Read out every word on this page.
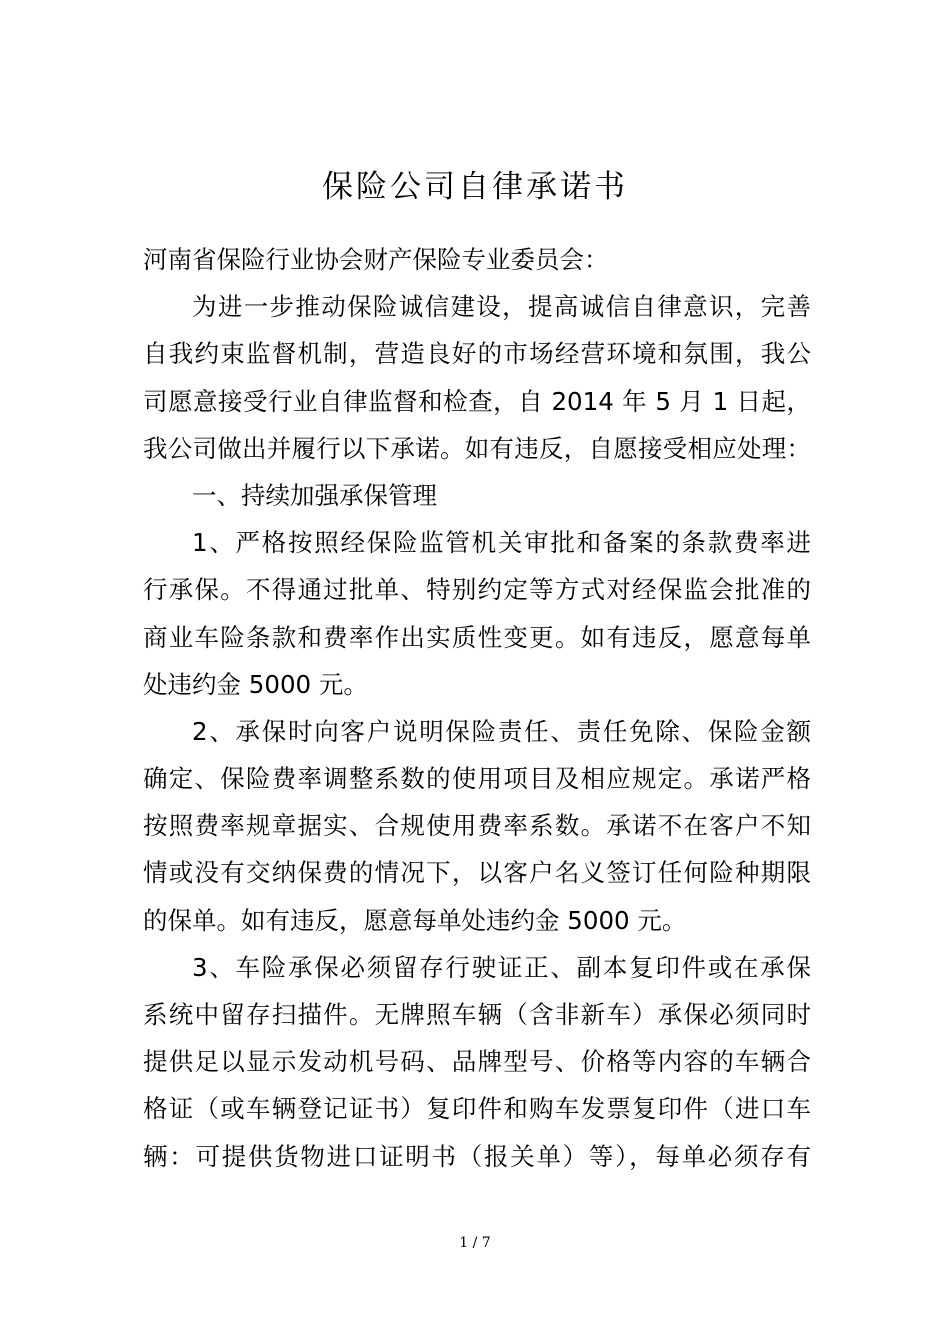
保险公司自律承诺书
河南省保险行业协会财产保险专业委员会：
为进一步推动保险诚信建设，提高诚信自律意识，完善
自我约束监督机制，营造良好的市场经营环境和氛围，我公
司愿意接受行业自律监督和检查，自 2014 年 5 月 1 日起，
我公司做出并履行以下承诺。如有违反，自愿接受相应处理：
一、持续加强承保管理
1、严格按照经保险监管机关审批和备案的条款费率进
行承保。不得通过批单、特别约定等方式对经保监会批准的
商业车险条款和费率作出实质性变更。如有违反，愿意每单
处违约金 5000 元。
2、承保时向客户说明保险责任、责任免除、保险金额
确定、保险费率调整系数的使用项目及相应规定。承诺严格
按照费率规章据实、合规使用费率系数。承诺不在客户不知
情或没有交纳保费的情况下，以客户名义签订任何险种期限
的保单。如有违反，愿意每单处违约金 5000 元。
3、车险承保必须留存行驶证正、副本复印件或在承保
系统中留存扫描件。无牌照车辆（含非新车）承保必须同时
提供足以显示发动机号码、品牌型号、价格等内容的车辆合
格证（或车辆登记证书）复印件和购车发票复印件（进口车
辆：可提供货物进口证明书（报关单）等），每单必须存有
1 / 7
